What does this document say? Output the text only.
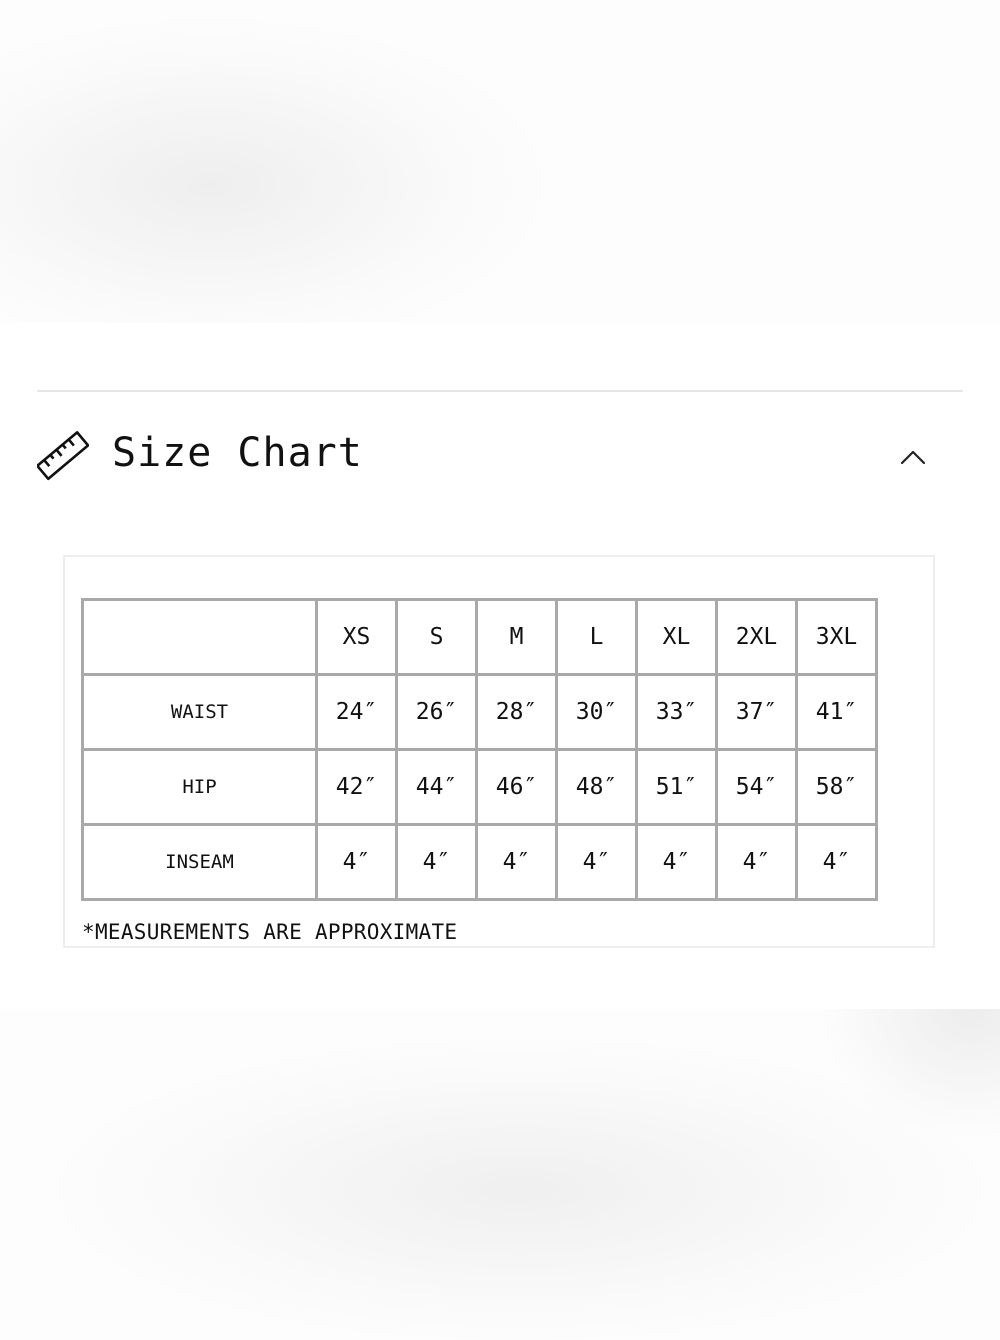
Size Chart
	XS	S	M	L	XL	2XL	3XL
WAIST	24″	26″	28″	30″	33″	37″	41″
HIP	42″	44″	46″	48″	51″	54″	58″
INSEAM	4″	4″	4″	4″	4″	4″	4″
*MEASUREMENTS ARE APPROXIMATE
